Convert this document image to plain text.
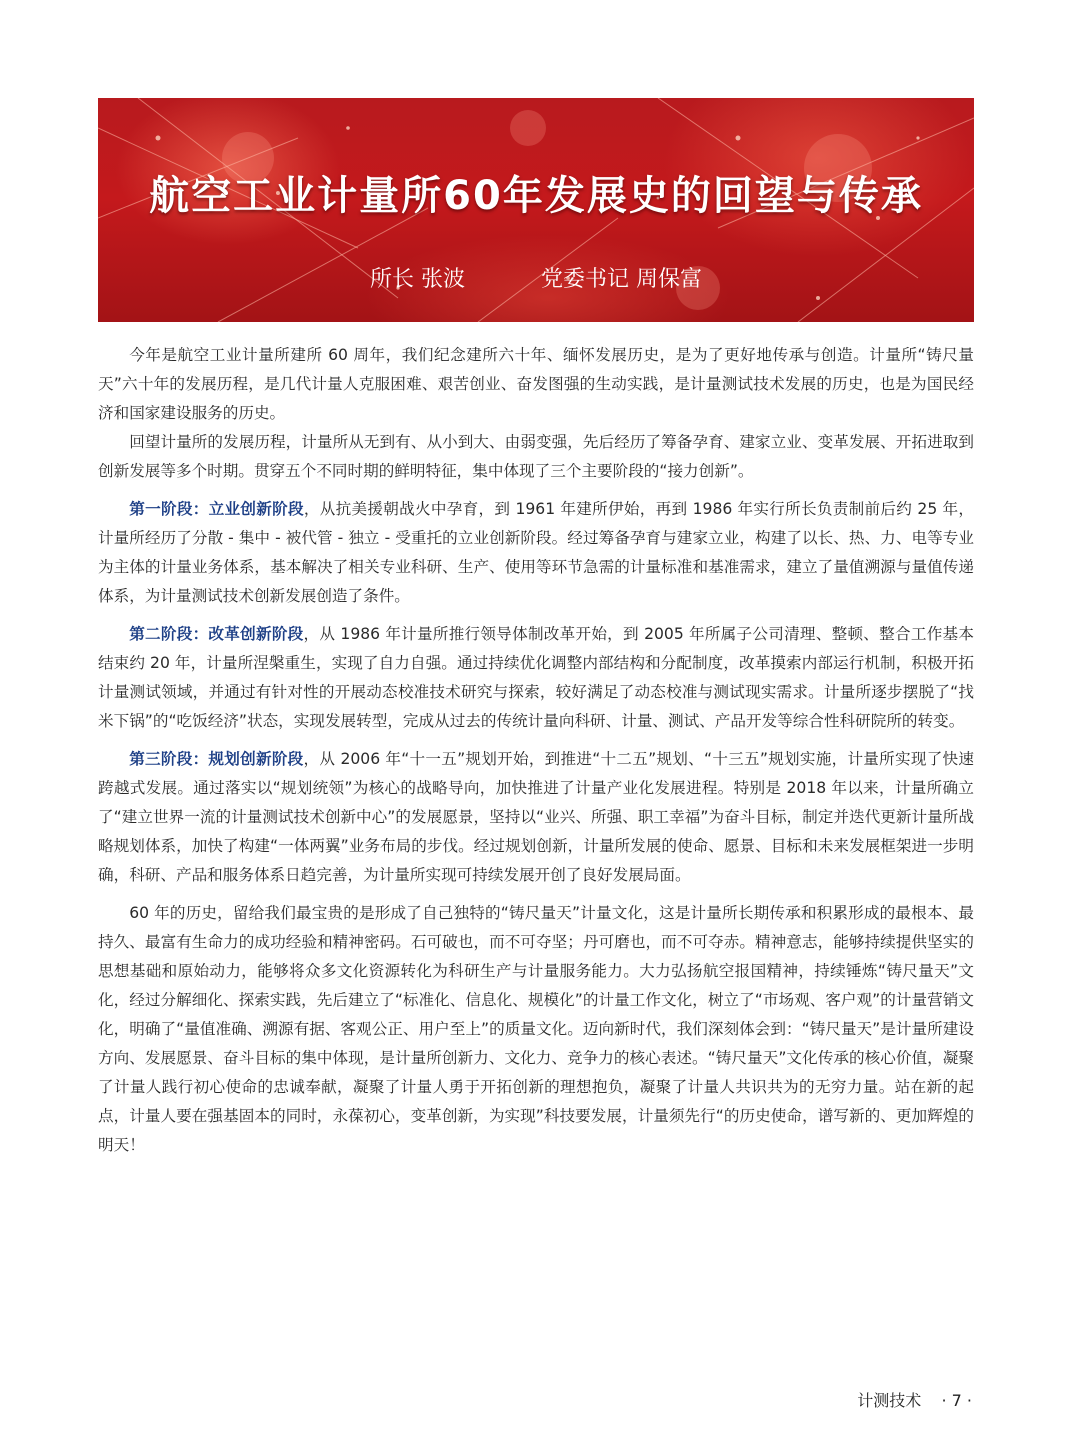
航空工业计量所60年发展史的回望与传承
所长 张波	党委书记 周保富

今年是航空工业计量所建所 60 周年，我们纪念建所六十年、缅怀发展历史，是为了更好地传承与创造。计量所“铸尺量天”六十年的发展历程，是几代计量人克服困难、艰苦创业、奋发图强的生动实践，是计量测试技术发展的历史，也是为国民经济和国家建设服务的历史。

回望计量所的发展历程，计量所从无到有、从小到大、由弱变强，先后经历了筹备孕育、建家立业、变革发展、开拓进取到创新发展等多个时期。贯穿五个不同时期的鲜明特征，集中体现了三个主要阶段的“接力创新”。

第一阶段：立业创新阶段，从抗美援朝战火中孕育，到 1961 年建所伊始，再到 1986 年实行所长负责制前后约 25 年，计量所经历了分散 - 集中 - 被代管 - 独立 - 受重托的立业创新阶段。经过筹备孕育与建家立业，构建了以长、热、力、电等专业为主体的计量业务体系，基本解决了相关专业科研、生产、使用等环节急需的计量标准和基准需求，建立了量值溯源与量值传递体系，为计量测试技术创新发展创造了条件。

第二阶段：改革创新阶段，从 1986 年计量所推行领导体制改革开始，到 2005 年所属子公司清理、整顿、整合工作基本结束约 20 年，计量所涅槃重生，实现了自力自强。通过持续优化调整内部结构和分配制度，改革摸索内部运行机制，积极开拓计量测试领域，并通过有针对性的开展动态校准技术研究与探索，较好满足了动态校准与测试现实需求。计量所逐步摆脱了“找米下锅”的“吃饭经济”状态，实现发展转型，完成从过去的传统计量向科研、计量、测试、产品开发等综合性科研院所的转变。

第三阶段：规划创新阶段，从 2006 年“十一五”规划开始，到推进“十二五”规划、“十三五”规划实施，计量所实现了快速跨越式发展。通过落实以“规划统领”为核心的战略导向，加快推进了计量产业化发展进程。特别是 2018 年以来，计量所确立了“建立世界一流的计量测试技术创新中心”的发展愿景，坚持以“业兴、所强、职工幸福”为奋斗目标，制定并迭代更新计量所战略规划体系，加快了构建“一体两翼”业务布局的步伐。经过规划创新，计量所发展的使命、愿景、目标和未来发展框架进一步明确，科研、产品和服务体系日趋完善，为计量所实现可持续发展开创了良好发展局面。

60 年的历史，留给我们最宝贵的是形成了自己独特的“铸尺量天”计量文化，这是计量所长期传承和积累形成的最根本、最持久、最富有生命力的成功经验和精神密码。石可破也，而不可夺坚；丹可磨也，而不可夺赤。精神意志，能够持续提供坚实的思想基础和原始动力，能够将众多文化资源转化为科研生产与计量服务能力。大力弘扬航空报国精神，持续锤炼“铸尺量天”文化，经过分解细化、探索实践，先后建立了“标准化、信息化、规模化”的计量工作文化，树立了“市场观、客户观”的计量营销文化，明确了“量值准确、溯源有据、客观公正、用户至上”的质量文化。迈向新时代，我们深刻体会到：“铸尺量天”是计量所建设方向、发展愿景、奋斗目标的集中体现，是计量所创新力、文化力、竞争力的核心表述。“铸尺量天”文化传承的核心价值，凝聚了计量人践行初心使命的忠诚奉献，凝聚了计量人勇于开拓创新的理想抱负，凝聚了计量人共识共为的无穷力量。站在新的起点，计量人要在强基固本的同时，永葆初心，变革创新，为实现”科技要发展，计量须先行“的历史使命，谱写新的、更加辉煌的明天！

计测技术 · 7 ·
